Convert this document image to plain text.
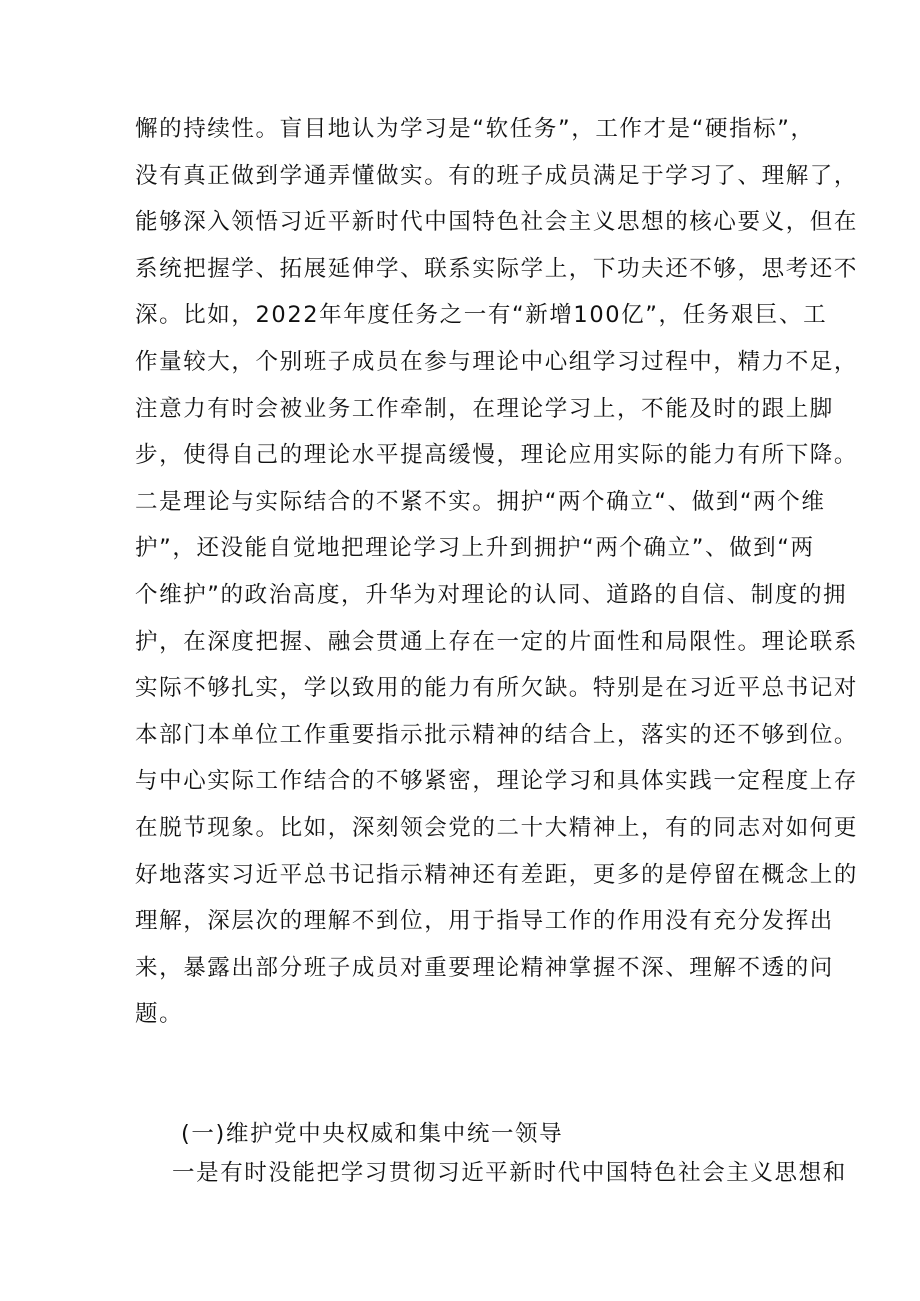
懈的持续性。盲目地认为学习是“软任务”，工作才是“硬指标”，
没有真正做到学通弄懂做实。有的班子成员满足于学习了、理解了，
能够深入领悟习近平新时代中国特色社会主义思想的核心要义，但在
系统把握学、拓展延伸学、联系实际学上，下功夫还不够，思考还不
深。比如，2022年年度任务之一有“新增100亿”，任务艰巨、工
作量较大，个别班子成员在参与理论中心组学习过程中，精力不足，
注意力有时会被业务工作牵制，在理论学习上，不能及时的跟上脚
步，使得自己的理论水平提高缓慢，理论应用实际的能力有所下降。
二是理论与实际结合的不紧不实。拥护“两个确立“、做到“两个维
护”，还没能自觉地把理论学习上升到拥护“两个确立”、做到“两
个维护”的政治高度，升华为对理论的认同、道路的自信、制度的拥
护，在深度把握、融会贯通上存在一定的片面性和局限性。理论联系
实际不够扎实，学以致用的能力有所欠缺。特别是在习近平总书记对
本部门本单位工作重要指示批示精神的结合上，落实的还不够到位。
与中心实际工作结合的不够紧密，理论学习和具体实践一定程度上存
在脱节现象。比如，深刻领会党的二十大精神上，有的同志对如何更
好地落实习近平总书记指示精神还有差距，更多的是停留在概念上的
理解，深层次的理解不到位，用于指导工作的作用没有充分发挥出
来，暴露出部分班子成员对重要理论精神掌握不深、理解不透的问
题。
(一)维护党中央权威和集中统一领导
一是有时没能把学习贯彻习近平新时代中国特色社会主义思想和
